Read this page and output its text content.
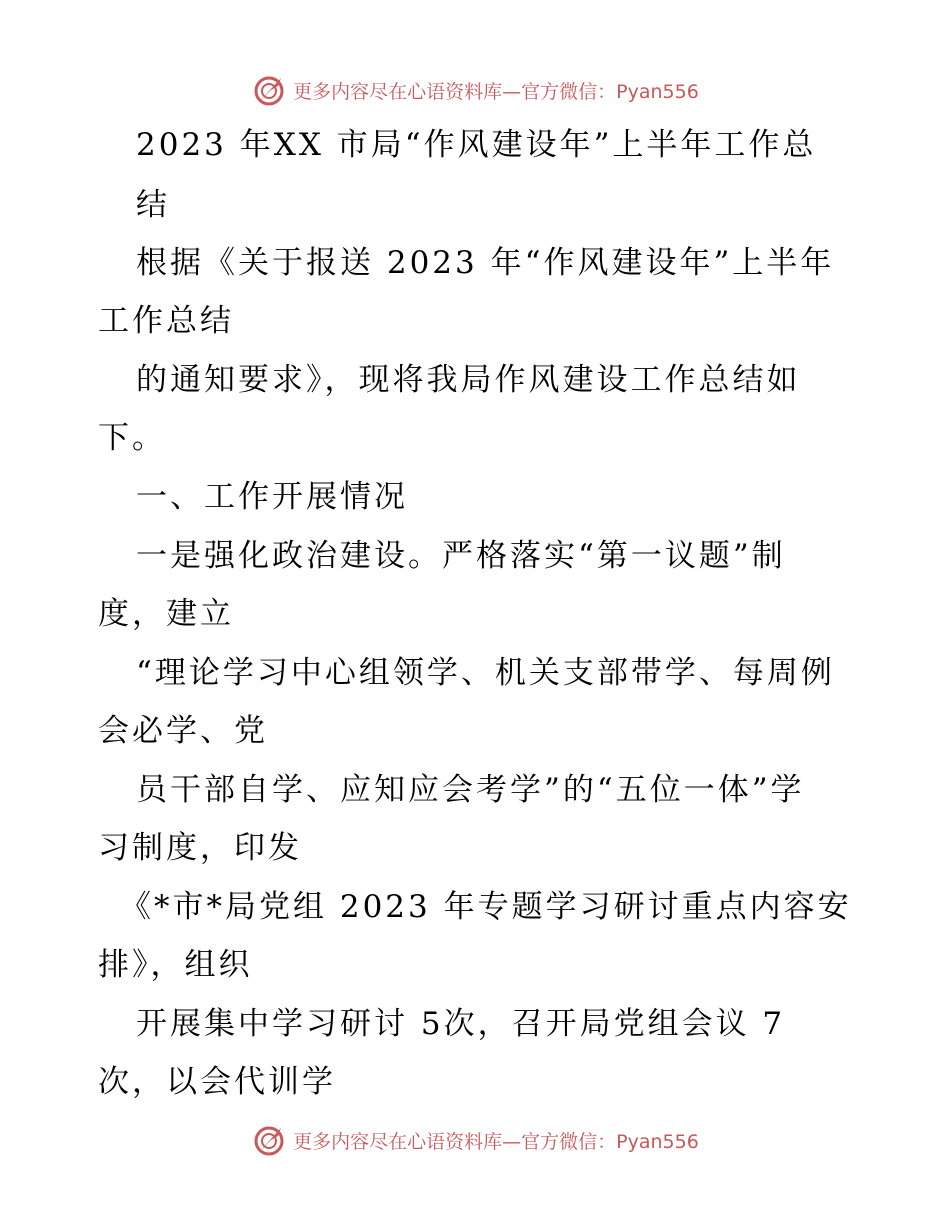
更多内容尽在心语资料库—官方微信：Pyan556
2023 年XX 市局“作风建设年”上半年工作总
结
根据《关于报送 2023 年“作风建设年”上半年
工作总结
的通知要求》，现将我局作风建设工作总结如
下。
一、工作开展情况
一是强化政治建设。严格落实“第一议题”制
度，建立
“理论学习中心组领学、机关支部带学、每周例
会必学、党
员干部自学、应知应会考学”的“五位一体”学
习制度，印发
《*市*局党组 2023 年专题学习研讨重点内容安
排》，组织
开展集中学习研讨 5次，召开局党组会议 7
次，以会代训学
更多内容尽在心语资料库—官方微信：Pyan556
